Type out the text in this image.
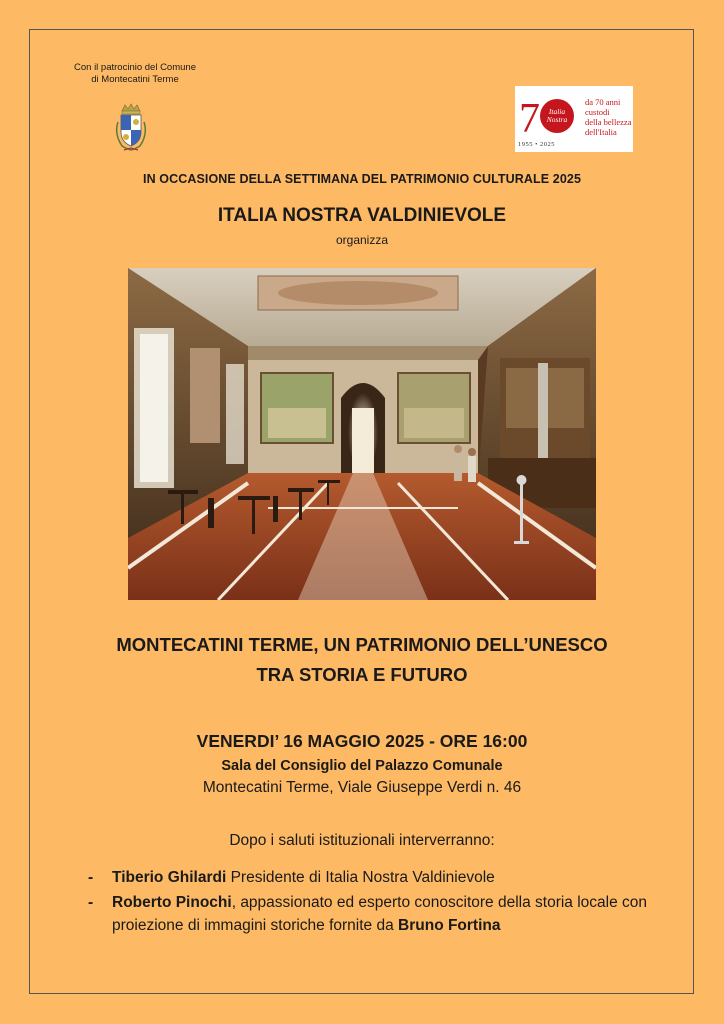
Con il patrocinio del Comune
di Montecatini Terme
7 Italia
Nostra
da 70 anni
custodi
della bellezza
dell'Italia
1955 • 2025
IN OCCASIONE DELLA SETTIMANA DEL PATRIMONIO CULTURALE 2025
ITALIA NOSTRA VALDINIEVOLE
organizza
MONTECATINI TERME, UN PATRIMONIO DELL’UNESCO
TRA STORIA E FUTURO
VENERDI’ 16 MAGGIO 2025 - ORE 16:00
Sala del Consiglio del Palazzo Comunale
Montecatini Terme, Viale Giuseppe Verdi n. 46
Dopo i saluti istituzionali interverranno:
- Tiberio Ghilardi Presidente di Italia Nostra Valdinievole
- Roberto Pinochi, appassionato ed esperto conoscitore della storia locale con proiezione di immagini storiche fornite da Bruno Fortina
